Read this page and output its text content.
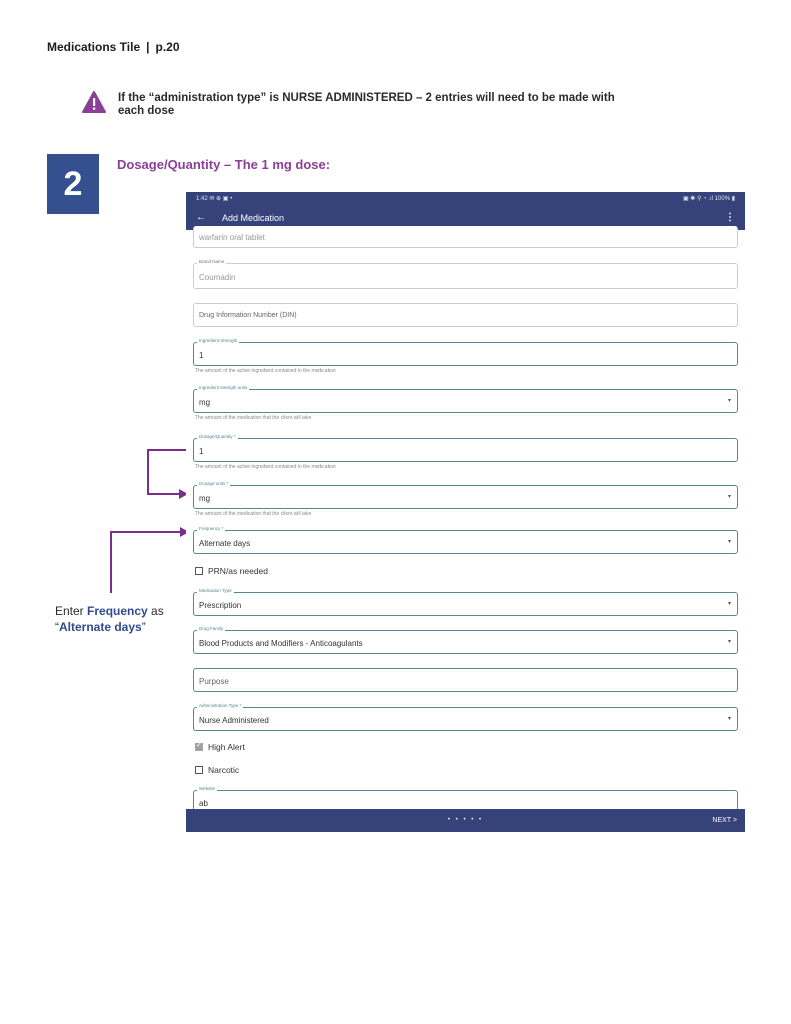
Medications Tile | p.20
If the “administration type” is NURSE ADMINISTERED – 2 entries will need to be made with each dose
2	Dosage/Quantity – The 1 mg dose:
Enter Frequency as
“Alternate days”
1:42 ✉ ⊕ ▣ •	▣ ✱ ⚲ ◔ .ıl 100% ▮
← Add Medication	⋮
warfarin oral tablet
Brand Name
Coumadin
Drug Information Number (DIN)
Ingredient Strength
1
The amount of the active ingredient contained in the medication
Ingredient strength units
mg	▾
The amount of the medication that the client will take
Dosage/Quantity *
1
The amount of the active ingredient contained in the medication
Dosage units *
mg	▾
The amount of the medication that the client will take
Frequency *
Alternate days	▾
PRN/as needed
Medication Type
Prescription	▾
Drug Family
Blood Products and Modifiers - Anticoagulants	▾
Purpose
Administration Type *
Nurse Administered	▾
✓
High Alert
Narcotic
Website
ab
• • • • •	NEXT >
